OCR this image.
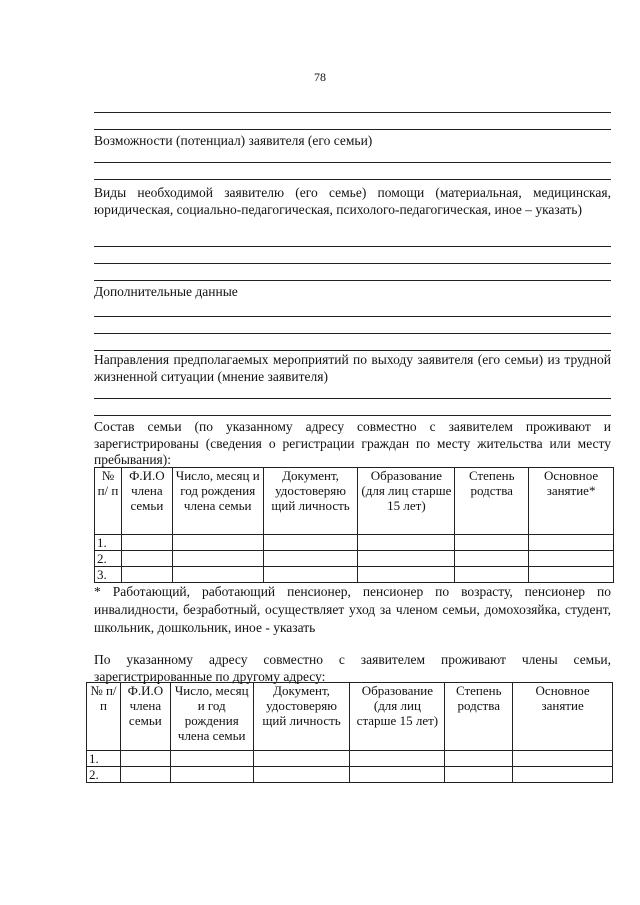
78
Возможности (потенциал) заявителя (его семьи)
Виды необходимой заявителю (его семье) помощи (материальная, медицинская, юридическая, социально-педагогическая, психолого-педагогическая, иное – указать)
Дополнительные данные
Направления предполагаемых мероприятий по выходу заявителя (его семьи) из трудной жизненной ситуации (мнение заявителя)
Состав семьи (по указанному адресу совместно с заявителем проживают и зарегистрированы (сведения о регистрации граждан по месту жительства или месту пребывания):
№ п/ п	Ф.И.О члена семьи	Число, месяц и год рождения члена семьи	Документ, удостоверяю щий личность	Образование (для лиц старше 15 лет)	Степень родства	Основное занятие*
1.						
2.						
3.						
* Работающий, работающий пенсионер, пенсионер по возрасту, пенсионер по инвалидности, безработный, осуществляет уход за членом семьи, домохозяйка, студент, школьник, дошкольник, иное - указать
По указанному адресу совместно с заявителем проживают члены семьи, зарегистрированные по другому адресу:
№ п/п	Ф.И.О члена семьи	Число, месяц и год рождения члена семьи	Документ, удостоверяю щий личность	Образование (для лиц старше 15 лет)	Степень родства	Основное занятие
1.						
2.						
